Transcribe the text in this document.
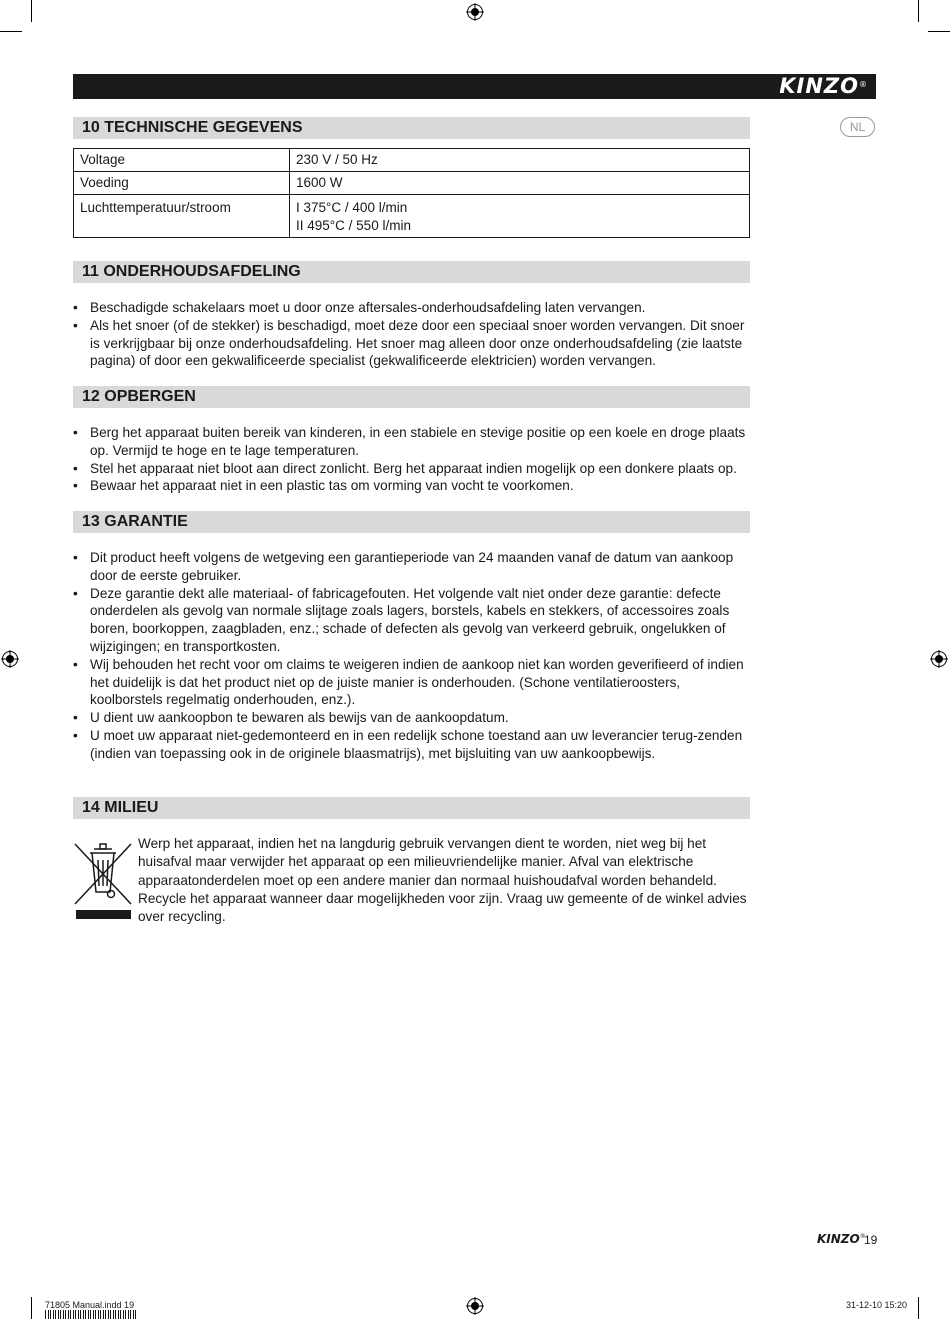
KINZO®
NL
10 TECHNISCHE GEGEVENS
Voltage	230 V / 50 Hz
Voeding	1600 W
Luchttemperatuur/stroom	I 375°C / 400 l/min
II 495°C / 550 l/min
11 ONDERHOUDSAFDELING
• Beschadigde schakelaars moet u door onze aftersales-onderhoudsafdeling laten vervangen.
• Als het snoer (of de stekker) is beschadigd, moet deze door een speciaal snoer worden vervangen. Dit snoer is verkrijgbaar bij onze onderhoudsafdeling. Het snoer mag alleen door onze onderhoudsafdeling (zie laatste pagina) of door een gekwalificeerde specialist (gekwalificeerde elektricien) worden vervangen.
12 OPBERGEN
• Berg het apparaat buiten bereik van kinderen, in een stabiele en stevige positie op een koele en droge plaats op. Vermijd te hoge en te lage temperaturen.
• Stel het apparaat niet bloot aan direct zonlicht. Berg het apparaat indien mogelijk op een donkere plaats op.
• Bewaar het apparaat niet in een plastic tas om vorming van vocht te voorkomen.
13 GARANTIE
• Dit product heeft volgens de wetgeving een garantieperiode van 24 maanden vanaf de datum van aankoop door de eerste gebruiker.
• Deze garantie dekt alle materiaal- of fabricagefouten. Het volgende valt niet onder deze garantie: defecte onderdelen als gevolg van normale slijtage zoals lagers, borstels, kabels en stekkers, of accessoires zoals boren, boorkoppen, zaagbladen, enz.; schade of defecten als gevolg van verkeerd gebruik, ongelukken of wijzigingen; en transportkosten.
• Wij behouden het recht voor om claims te weigeren indien de aankoop niet kan worden geverifieerd of indien het duidelijk is dat het product niet op de juiste manier is onderhouden. (Schone ventilatieroosters, koolborstels regelmatig onderhouden, enz.).
• U dient uw aankoopbon te bewaren als bewijs van de aankoopdatum.
• U moet uw apparaat niet-gedemonteerd en in een redelijk schone toestand aan uw leverancier terug-zenden (indien van toepassing ook in de originele blaasmatrijs), met bijsluiting van uw aankoopbewijs.
14 MILIEU
Werp het apparaat, indien het na langdurig gebruik vervangen dient te worden, niet weg bij het huisafval maar verwijder het apparaat op een milieuvriendelijke manier. Afval van elektrische apparaatonderdelen moet op een andere manier dan normaal huishoudafval worden behandeld. Recycle het apparaat wanneer daar mogelijkheden voor zijn. Vraag uw gemeente of de winkel advies over recycling.
KINZO®
19
71805 Manual.indd 19	31-12-10 15:20
